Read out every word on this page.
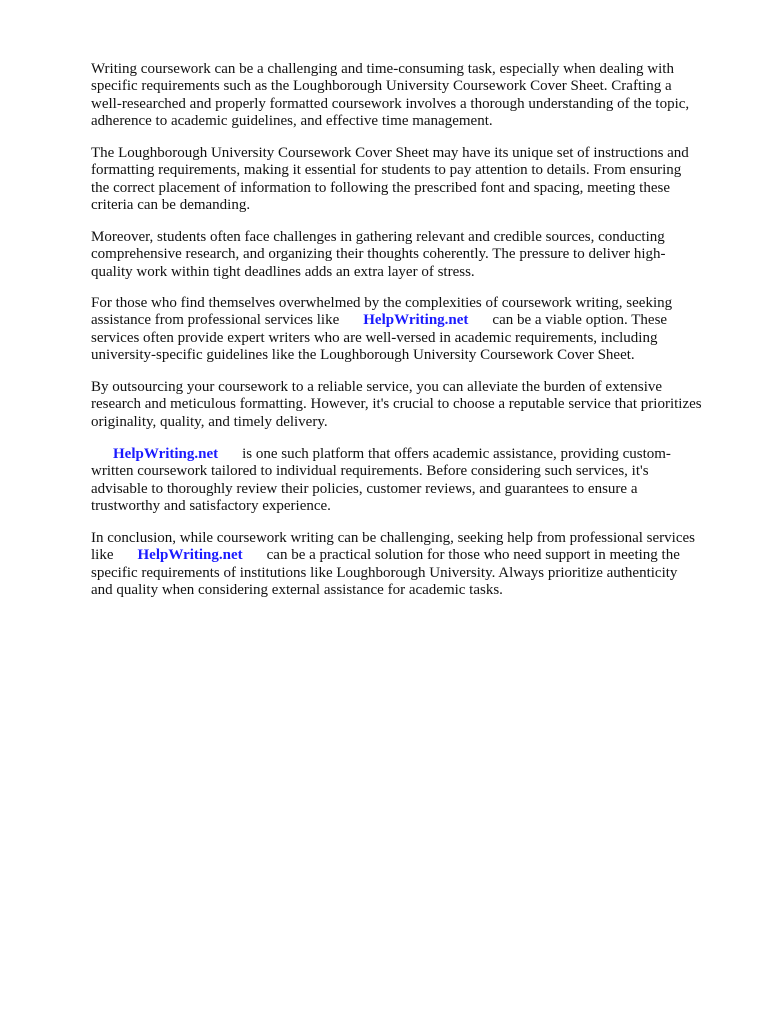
Writing coursework can be a challenging and time-consuming task, especially when dealing with
specific requirements such as the Loughborough University Coursework Cover Sheet. Crafting a
well-researched and properly formatted coursework involves a thorough understanding of the topic,
adherence to academic guidelines, and effective time management.

The Loughborough University Coursework Cover Sheet may have its unique set of instructions and
formatting requirements, making it essential for students to pay attention to details. From ensuring
the correct placement of information to following the prescribed font and spacing, meeting these
criteria can be demanding.

Moreover, students often face challenges in gathering relevant and credible sources, conducting
comprehensive research, and organizing their thoughts coherently. The pressure to deliver high-
quality work within tight deadlines adds an extra layer of stress.

For those who find themselves overwhelmed by the complexities of coursework writing, seeking
assistance from professional services like HelpWriting.net can be a viable option. These
services often provide expert writers who are well-versed in academic requirements, including
university-specific guidelines like the Loughborough University Coursework Cover Sheet.

By outsourcing your coursework to a reliable service, you can alleviate the burden of extensive
research and meticulous formatting. However, it's crucial to choose a reputable service that prioritizes
originality, quality, and timely delivery.

HelpWriting.net is one such platform that offers academic assistance, providing custom-
written coursework tailored to individual requirements. Before considering such services, it's
advisable to thoroughly review their policies, customer reviews, and guarantees to ensure a
trustworthy and satisfactory experience.

In conclusion, while coursework writing can be challenging, seeking help from professional services
like HelpWriting.net can be a practical solution for those who need support in meeting the
specific requirements of institutions like Loughborough University. Always prioritize authenticity
and quality when considering external assistance for academic tasks.
